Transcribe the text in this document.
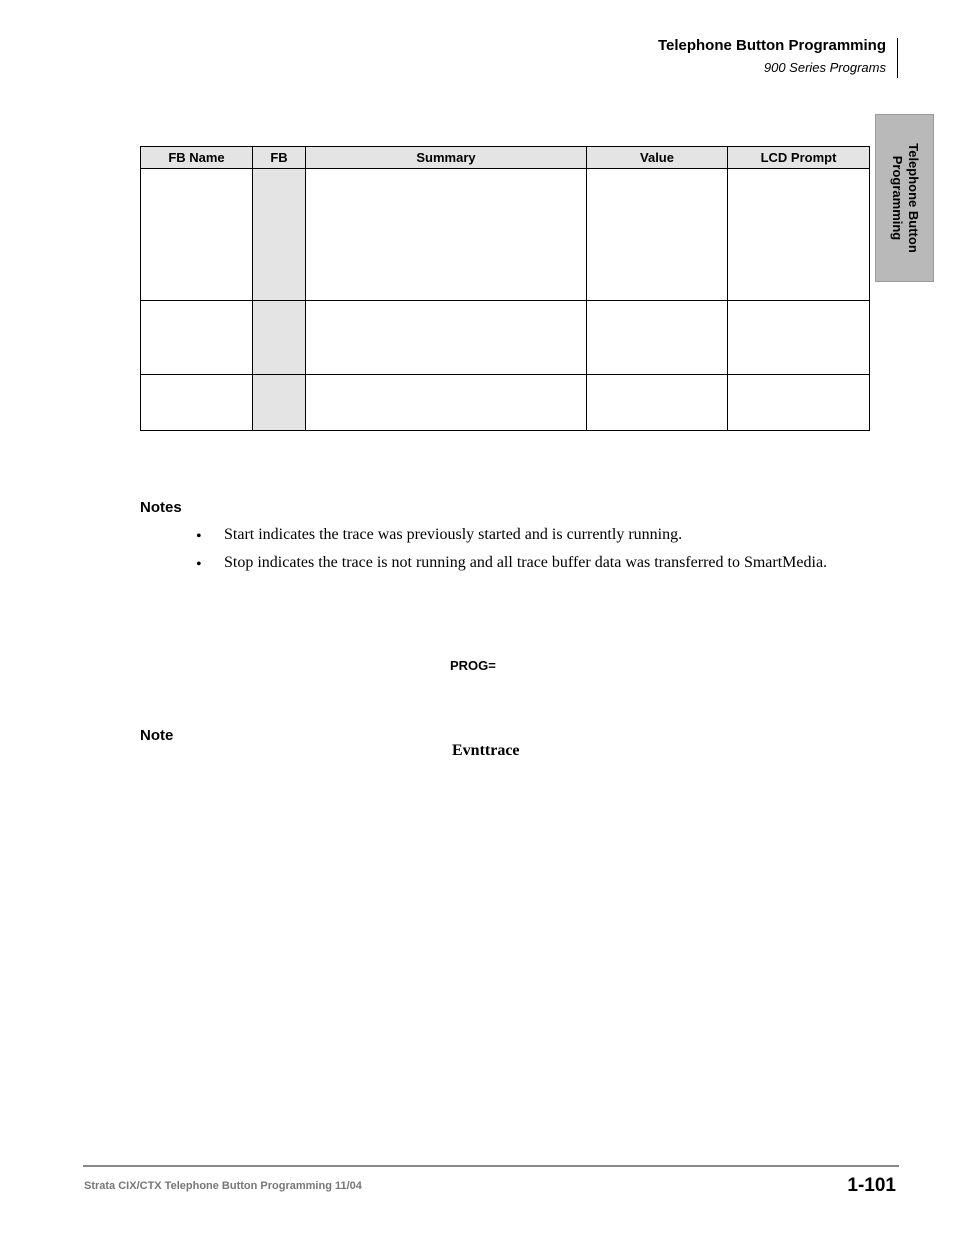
Telephone Button Programming
900 Series Programs
Telephone Button
Programming
FB Name	FB	Summary	Value	LCD Prompt

Notes
• Start indicates the trace was previously started and is currently running.
• Stop indicates the trace is not running and all trace buffer data was transferred to SmartMedia.
PROG=
Note
Evnttrace
Strata CIX/CTX Telephone Button Programming 11/04	1-101
